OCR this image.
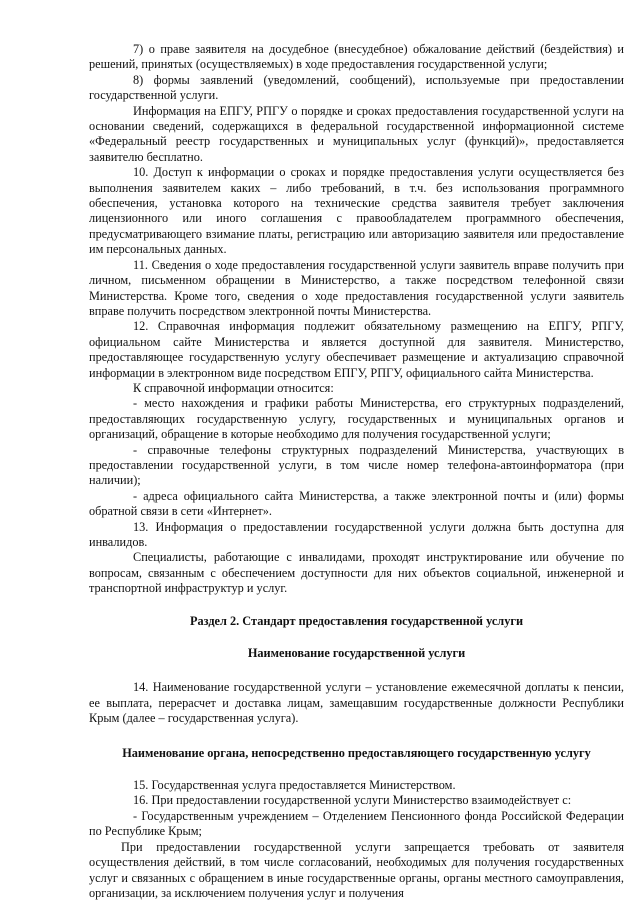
7) о праве заявителя на досудебное (внесудебное) обжалование действий (бездействия) и решений, принятых (осуществляемых) в ходе предоставления государственной услуги;

8) формы заявлений (уведомлений, сообщений), используемые при предоставлении государственной услуги.

Информация на ЕПГУ, РПГУ о порядке и сроках предоставления государственной услуги на основании сведений, содержащихся в федеральной государственной информационной системе «Федеральный реестр государственных и муниципальных услуг (функций)», предоставляется заявителю бесплатно.

10. Доступ к информации о сроках и порядке предоставления услуги осуществляется без выполнения заявителем каких – либо требований, в т.ч. без использования программного обеспечения, установка которого на технические средства заявителя требует заключения лицензионного или иного соглашения с правообладателем программного обеспечения, предусматривающего взимание платы, регистрацию или авторизацию заявителя или предоставление им персональных данных.

11. Сведения о ходе предоставления государственной услуги заявитель вправе получить при личном, письменном обращении в Министерство, а также посредством телефонной связи Министерства. Кроме того, сведения о ходе предоставления государственной услуги заявитель вправе получить посредством электронной почты Министерства.

12. Справочная информация подлежит обязательному размещению на ЕПГУ, РПГУ, официальном сайте Министерства и является доступной для заявителя. Министерство, предоставляющее государственную услугу обеспечивает размещение и актуализацию справочной информации в электронном виде посредством ЕПГУ, РПГУ, официального сайта Министерства.

К справочной информации относится:

- место нахождения и графики работы Министерства, его структурных подразделений, предоставляющих государственную услугу, государственных и муниципальных органов и организаций, обращение в которые необходимо для получения государственной услуги;

- справочные телефоны структурных подразделений Министерства, участвующих в предоставлении государственной услуги, в том числе номер телефона-автоинформатора (при наличии);

- адреса официального сайта Министерства, а также электронной почты и (или) формы обратной связи в сети «Интернет».

13. Информация о предоставлении государственной услуги должна быть доступна для инвалидов.

Специалисты, работающие с инвалидами, проходят инструктирование или обучение по вопросам, связанным с обеспечением доступности для них объектов социальной, инженерной и транспортной инфраструктур и услуг.

Раздел 2. Стандарт предоставления государственной услуги

Наименование государственной услуги

14. Наименование государственной услуги – установление ежемесячной доплаты к пенсии, ее выплата, перерасчет и доставка лицам, замещавшим государственные должности Республики Крым (далее – государственная услуга).

Наименование органа, непосредственно предоставляющего государственную услугу

15. Государственная услуга предоставляется Министерством.

16. При предоставлении государственной услуги Министерство взаимодействует с:

- Государственным учреждением – Отделением Пенсионного фонда Российской Федерации по Республике Крым;

При предоставлении государственной услуги запрещается требовать от заявителя осуществления действий, в том числе согласований, необходимых для получения государственных услуг и связанных с обращением в иные государственные органы, органы местного самоуправления, организации, за исключением получения услуг и получения
